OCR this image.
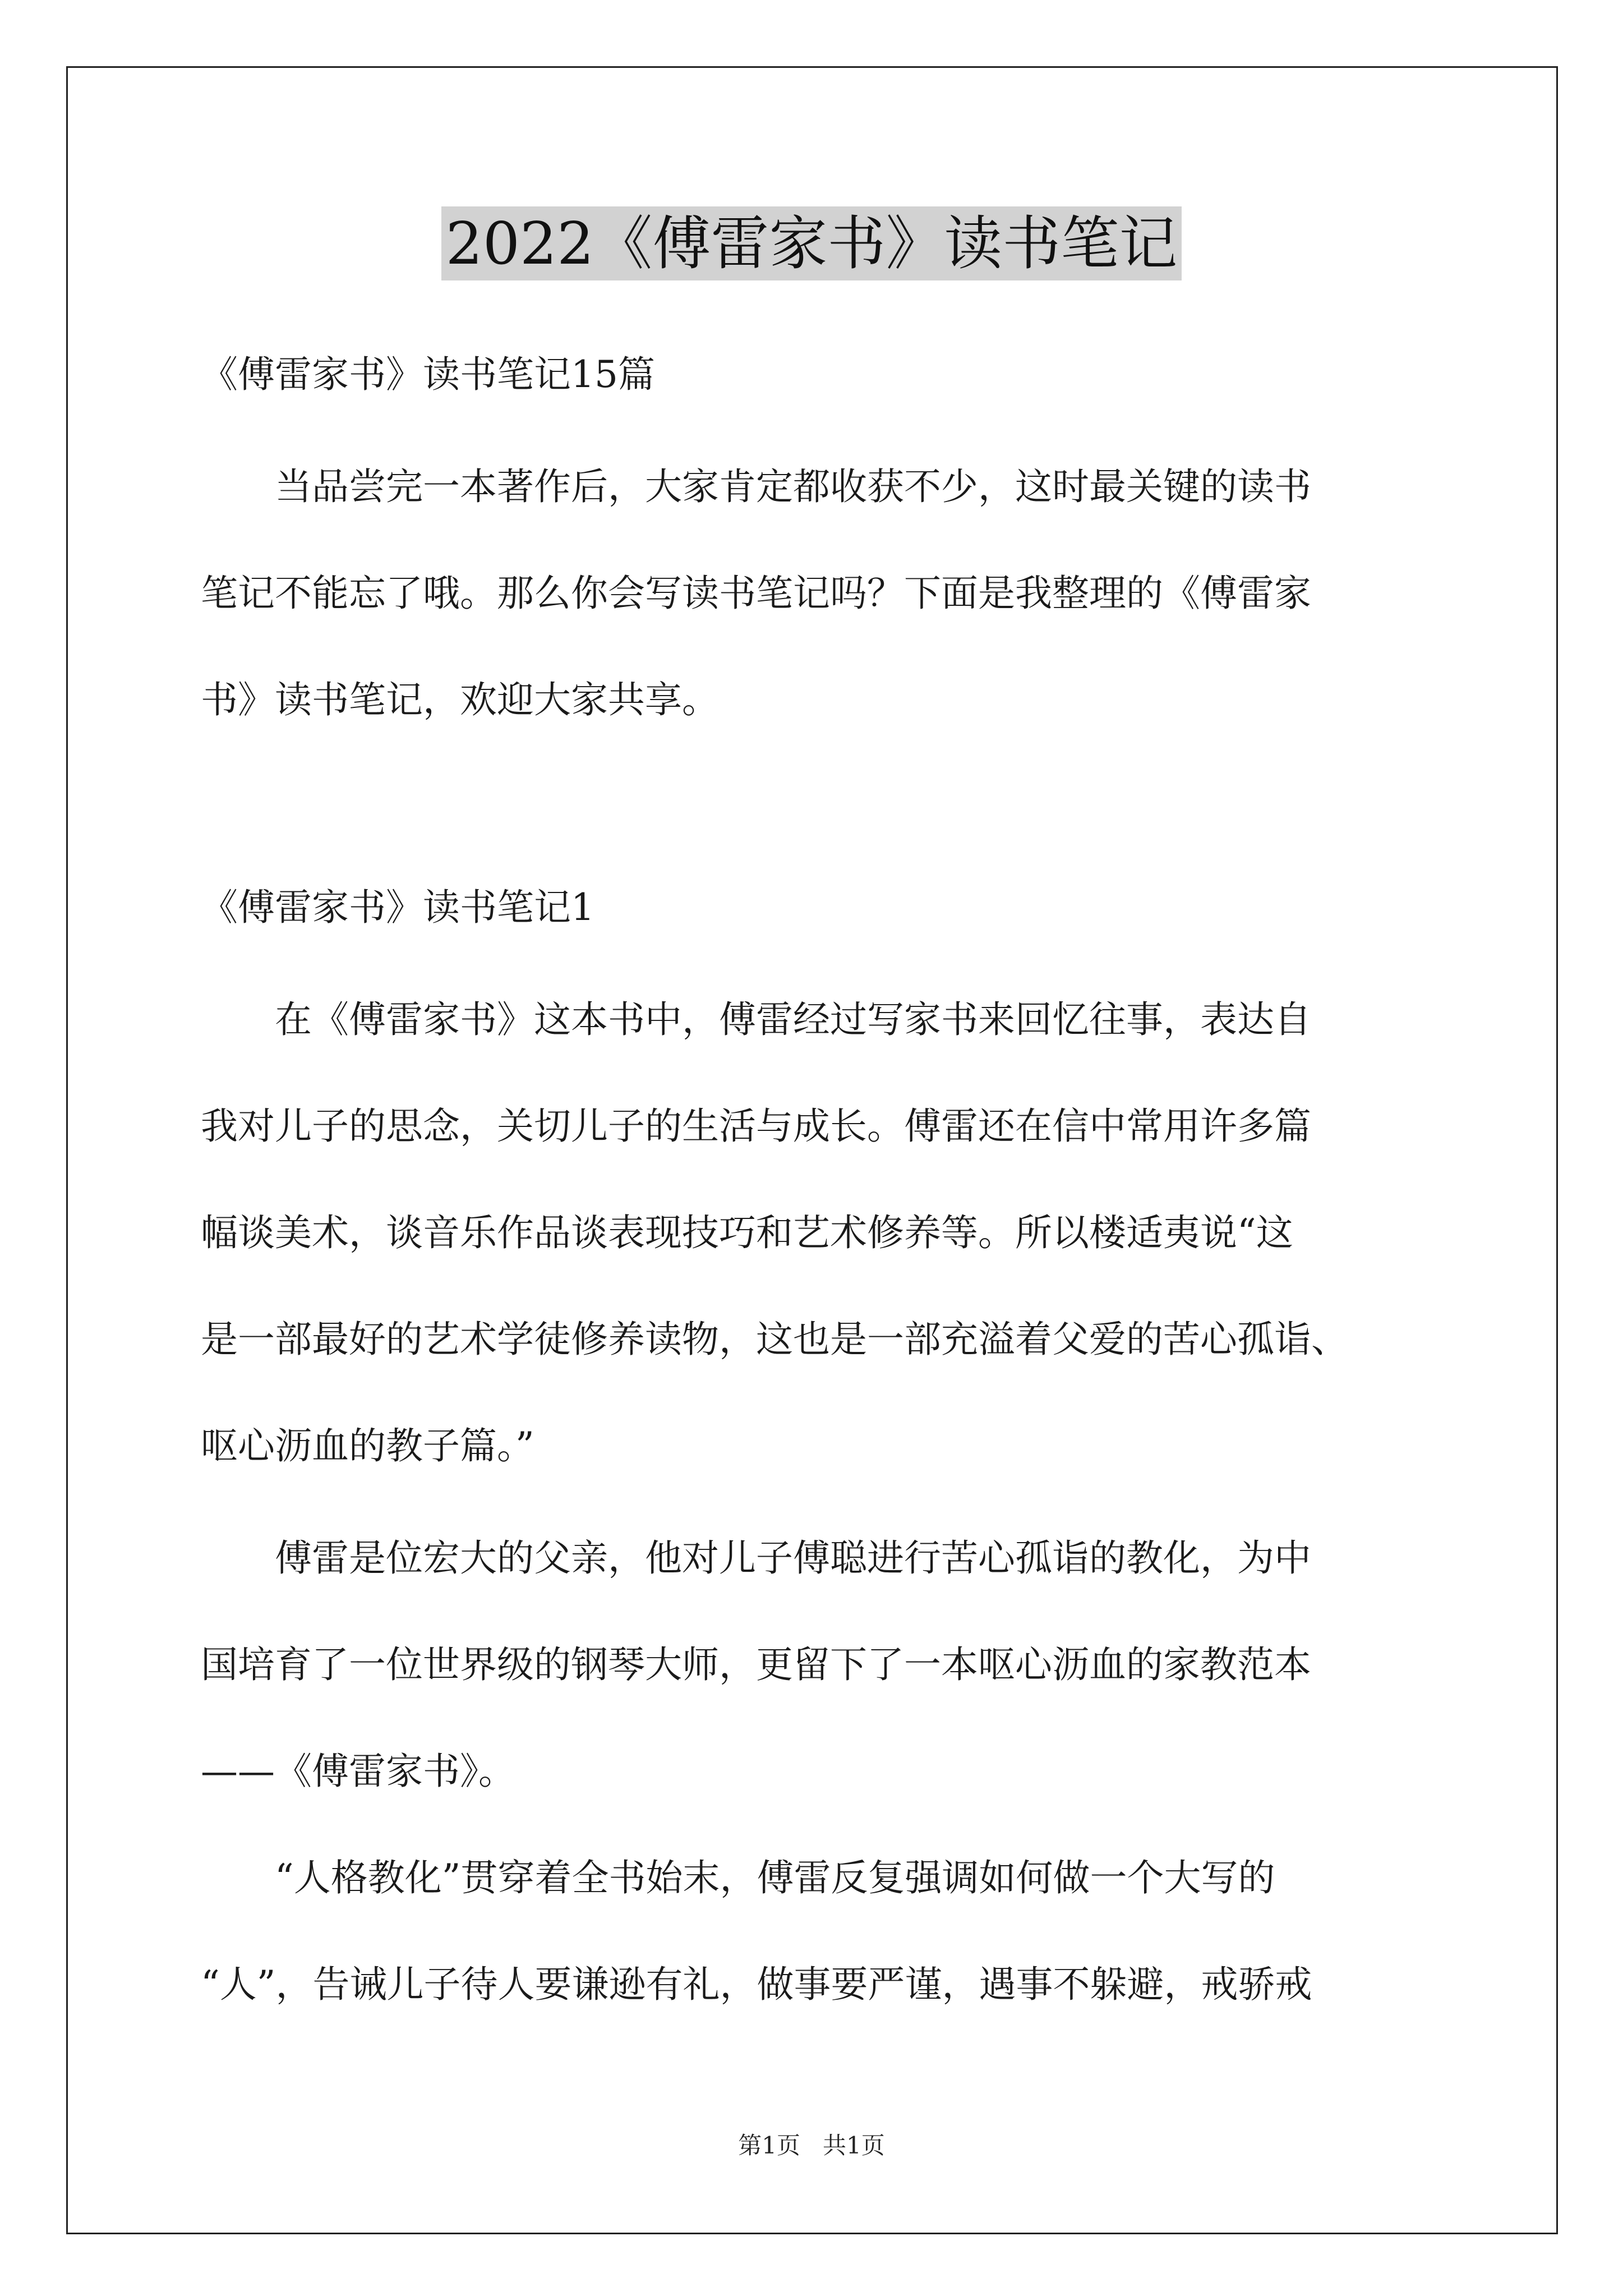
2022《傅雷家书》读书笔记
《傅雷家书》读书笔记15篇
　　当品尝完一本著作后，大家肯定都收获不少，这时最关键的读书
笔记不能忘了哦。那么你会写读书笔记吗？下面是我整理的《傅雷家
书》读书笔记，欢迎大家共享。
《傅雷家书》读书笔记1
　　在《傅雷家书》这本书中，傅雷经过写家书来回忆往事，表达自
我对儿子的思念，关切儿子的生活与成长。傅雷还在信中常用许多篇
幅谈美术，谈音乐作品谈表现技巧和艺术修养等。所以楼适夷说“这
是一部最好的艺术学徒修养读物，这也是一部充溢着父爱的苦心孤诣、
呕心沥血的教子篇。”
　　傅雷是位宏大的父亲，他对儿子傅聪进行苦心孤诣的教化，为中
国培育了一位世界级的钢琴大师，更留下了一本呕心沥血的家教范本
——《傅雷家书》。
　　“人格教化”贯穿着全书始末，傅雷反复强调如何做一个大写的
“人”，告诫儿子待人要谦逊有礼，做事要严谨，遇事不躲避，戒骄戒
第1页 共1页
